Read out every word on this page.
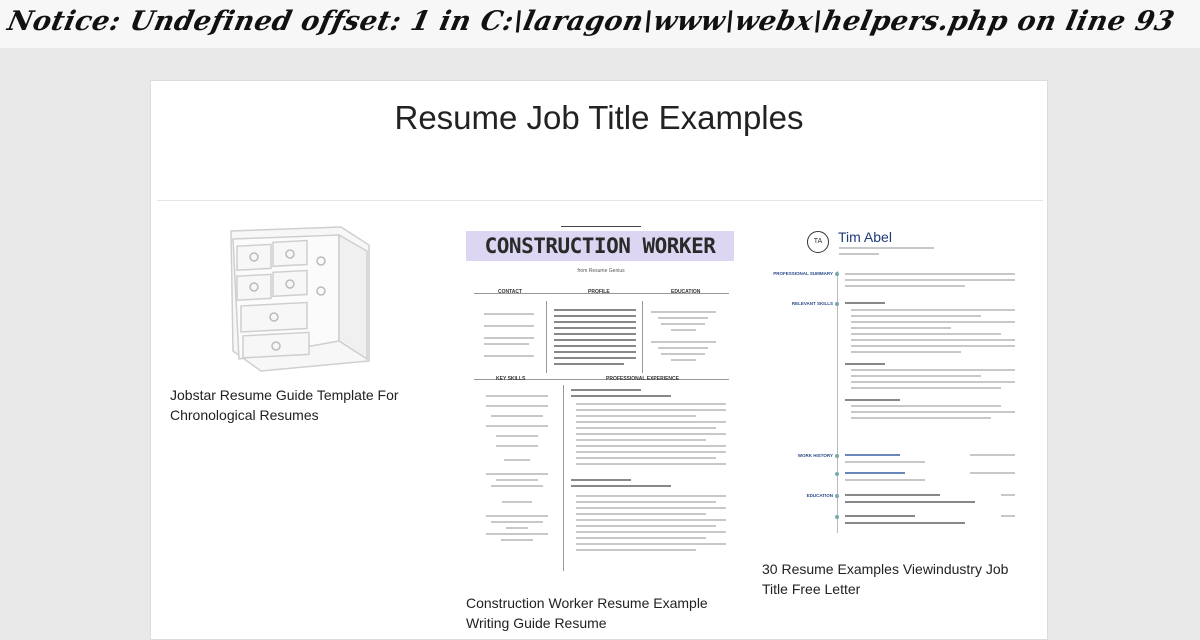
Notice: Undefined offset: 1 in C:\laragon\www\webx\helpers.php on line 93
Resume Job Title Examples
Jobstar Resume Guide Template For Chronological Resumes
CONSTRUCTION WORKER
from Resume Genius
CONTACT	PROFILE	EDUCATION
KEY SKILLS	PROFESSIONAL EXPERIENCE
Construction Worker Resume Example Writing Guide Resume
TA	Tim Abel
PROFESSIONAL SUMMARY
RELEVANT SKILLS
WORK HISTORY
EDUCATION
30 Resume Examples Viewindustry Job Title Free Letter
